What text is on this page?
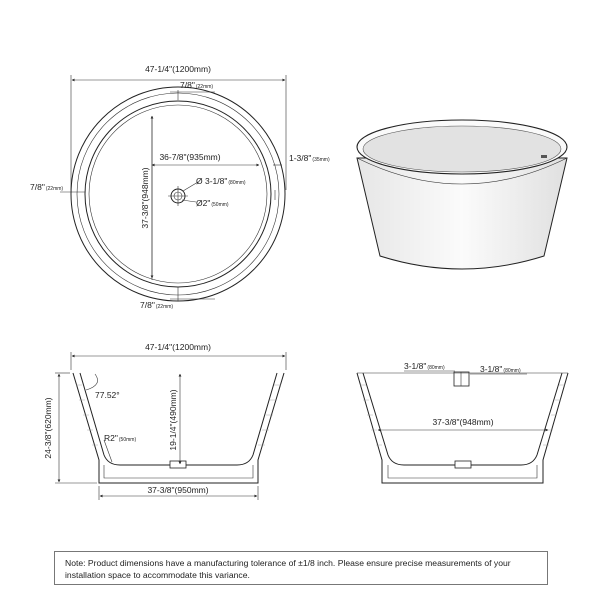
47-1/4"(1200mm)
7/8"(22mm)
36-7/8"(935mm)
37-3/8"(948mm)	Ø 3-1/8"(80mm)
Ø2"(50mm)
7/8"(22mm)
1-3/8"(35mm)
7/8"(22mm)
47-1/4"(1200mm)
77.52°
24-3/8"(620mm)	19-1/4"(490mm)
R2"(50mm)
37-3/8"(950mm)
3-1/8"(80mm)	3-1/8"(80mm)
37-3/8"(948mm)
Note: Product dimensions have a manufacturing tolerance of ±1/8 inch. Please ensure precise measurements of your installation space to accommodate this variance.
